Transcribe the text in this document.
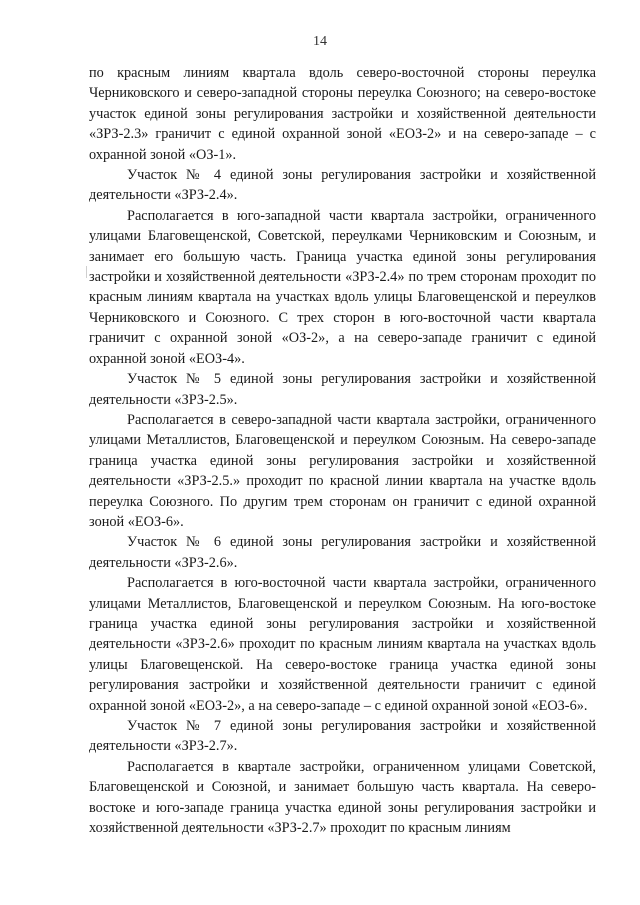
14

по красным линиям квартала вдоль северо-восточной стороны переулка Черниковского и северо-западной стороны переулка Союзного; на северо-востоке участок единой зоны регулирования застройки и хозяйственной деятельности «ЗРЗ-2.3» граничит с единой охранной зоной «ЕОЗ-2» и на северо-западе – с охранной зоной «ОЗ-1».

Участок № 4 единой зоны регулирования застройки и хозяйственной деятельности «ЗРЗ-2.4».

Располагается в юго-западной части квартала застройки, ограниченного улицами Благовещенской, Советской, переулками Черниковским и Союзным, и занимает его большую часть. Граница участка единой зоны регулирования застройки и хозяйственной деятельности «ЗРЗ-2.4» по трем сторонам проходит по красным линиям квартала на участках вдоль улицы Благовещенской и переулков Черниковского и Союзного. С трех сторон в юго-восточной части квартала граничит с охранной зоной «ОЗ-2», а на северо-западе граничит с единой охранной зоной «ЕОЗ-4».

Участок № 5 единой зоны регулирования застройки и хозяйственной деятельности «ЗРЗ-2.5».

Располагается в северо-западной части квартала застройки, ограниченного улицами Металлистов, Благовещенской и переулком Союзным. На северо-западе граница участка единой зоны регулирования застройки и хозяйственной деятельности «ЗРЗ-2.5.» проходит по красной линии квартала на участке вдоль переулка Союзного. По другим трем сторонам он граничит с единой охранной зоной «ЕОЗ-6».

Участок № 6 единой зоны регулирования застройки и хозяйственной деятельности «ЗРЗ-2.6».

Располагается в юго-восточной части квартала застройки, ограниченного улицами Металлистов, Благовещенской и переулком Союзным. На юго-востоке граница участка единой зоны регулирования застройки и хозяйственной деятельности «ЗРЗ-2.6» проходит по красным линиям квартала на участках вдоль улицы Благовещенской. На северо-востоке граница участка единой зоны регулирования застройки и хозяйственной деятельности граничит с единой охранной зоной «ЕОЗ-2», а на северо-западе – с единой охранной зоной «ЕОЗ-6».

Участок № 7 единой зоны регулирования застройки и хозяйственной деятельности «ЗРЗ-2.7».

Располагается в квартале застройки, ограниченном улицами Советской, Благовещенской и Союзной, и занимает большую часть квартала. На северо-востоке и юго-западе граница участка единой зоны регулирования застройки и хозяйственной деятельности «ЗРЗ-2.7» проходит по красным линиям
